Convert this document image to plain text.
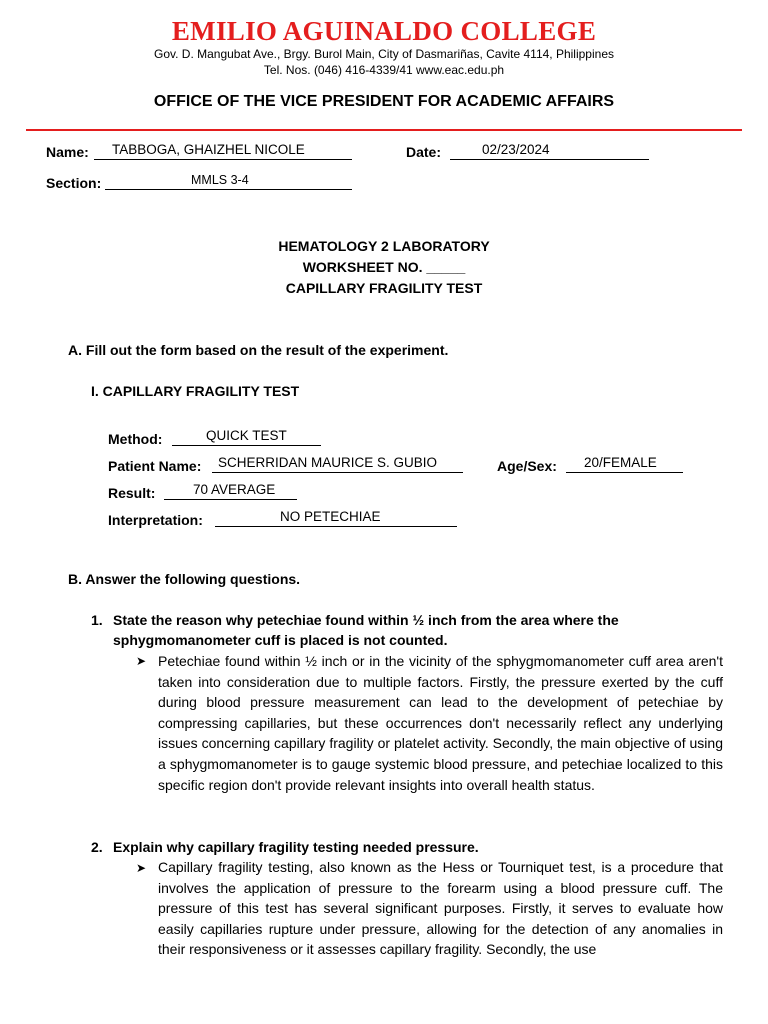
EMILIO AGUINALDO COLLEGE
Gov. D. Mangubat Ave., Brgy. Burol Main, City of Dasmariñas, Cavite 4114, Philippines
Tel. Nos. (046) 416-4339/41 www.eac.edu.ph
OFFICE OF THE VICE PRESIDENT FOR ACADEMIC AFFAIRS
Name: TABBOGA, GHAIZHEL NICOLE	Date:	02/23/2024
Section:	MMLS 3-4
HEMATOLOGY 2 LABORATORY
WORKSHEET NO. _____
CAPILLARY FRAGILITY TEST
A. Fill out the form based on the result of the experiment.
I. CAPILLARY FRAGILITY TEST
Method:	QUICK TEST
Patient Name: SCHERRIDAN MAURICE S. GUBIO	Age/Sex: 20/FEMALE
Result:	70 AVERAGE
Interpretation:	NO PETECHIAE
B. Answer the following questions.
1. State the reason why petechiae found within ½ inch from the area where the sphygmomanometer cuff is placed is not counted.
➤ Petechiae found within ½ inch or in the vicinity of the sphygmomanometer cuff area aren't taken into consideration due to multiple factors. Firstly, the pressure exerted by the cuff during blood pressure measurement can lead to the development of petechiae by compressing capillaries, but these occurrences don't necessarily reflect any underlying issues concerning capillary fragility or platelet activity. Secondly, the main objective of using a sphygmomanometer is to gauge systemic blood pressure, and petechiae localized to this specific region don't provide relevant insights into overall health status.
2. Explain why capillary fragility testing needed pressure.
➤ Capillary fragility testing, also known as the Hess or Tourniquet test, is a procedure that involves the application of pressure to the forearm using a blood pressure cuff. The pressure of this test has several significant purposes. Firstly, it serves to evaluate how easily capillaries rupture under pressure, allowing for the detection of any anomalies in their responsiveness or it assesses capillary fragility. Secondly, the use
